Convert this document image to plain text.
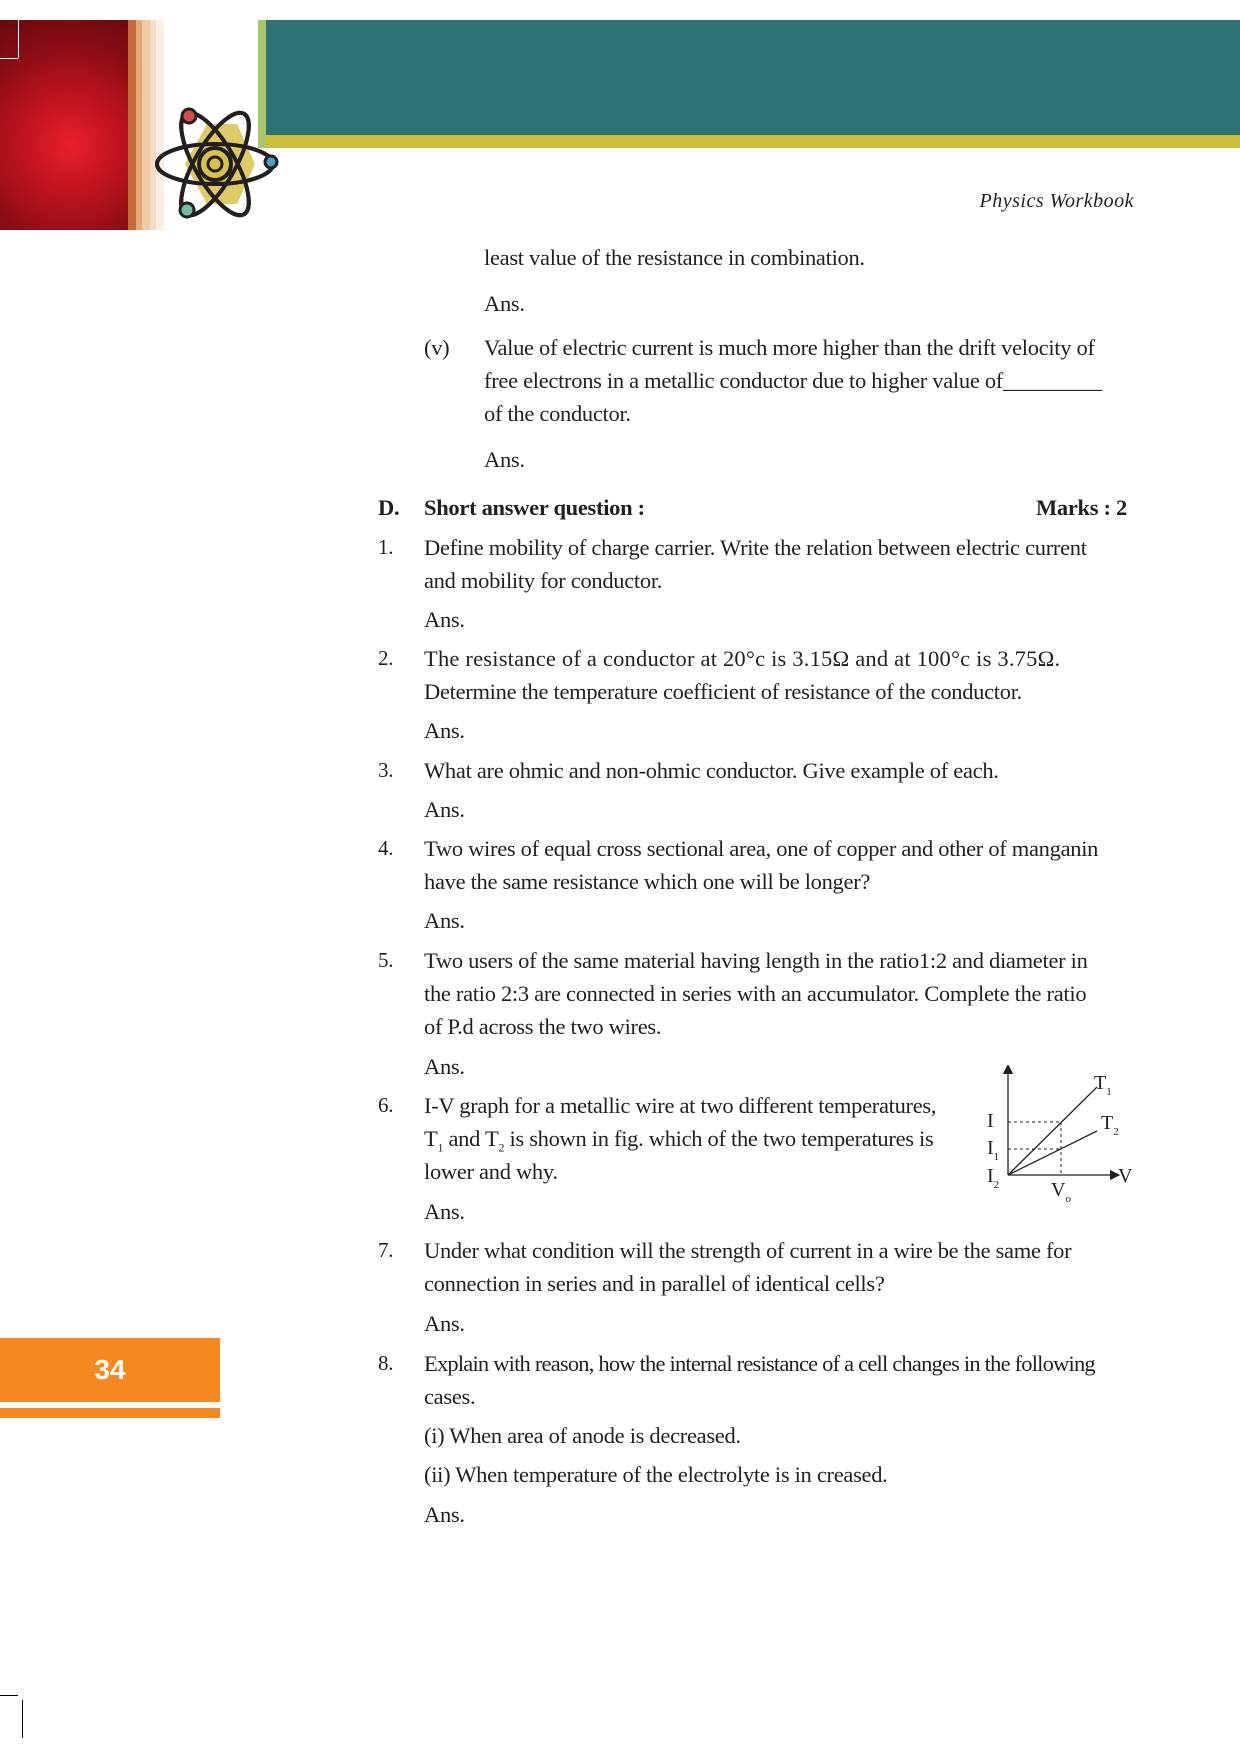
Physics Workbook
34
least value of the resistance in combination.
Ans.
(v) Value of electric current is much more higher than the drift velocity of
free electrons in a metallic conductor due to higher value of_________
of the conductor.
Ans.
D. Short answer question :	Marks : 2
1. Define mobility of charge carrier. Write the relation between electric current
and mobility for conductor.
Ans.
2. The resistance of a conductor at 20°c is 3.15Ω and at 100°c is 3.75Ω.
Determine the temperature coefficient of resistance of the conductor.
Ans.
3. What are ohmic and non-ohmic conductor. Give example of each.
Ans.
4. Two wires of equal cross sectional area, one of copper and other of manganin
have the same resistance which one will be longer?
Ans.
5. Two users of the same material having length in the ratio1:2 and diameter in
the ratio 2:3 are connected in series with an accumulator. Complete the ratio
of P.d across the two wires.
Ans.
6. I-V graph for a metallic wire at two different temperatures,
$T_1$ and $T_2$ is shown in fig. which of the two temperatures is
lower and why.
Ans.
$T_1$
$T_2$
I
$I_1$
$I_2$	V
$V_o$
7. Under what condition will the strength of current in a wire be the same for
connection in series and in parallel of identical cells?
Ans.
8. Explain with reason, how the internal resistance of a cell changes in the following
cases.
(i) When area of anode is decreased.
(ii) When temperature of the electrolyte is in creased.
Ans.
